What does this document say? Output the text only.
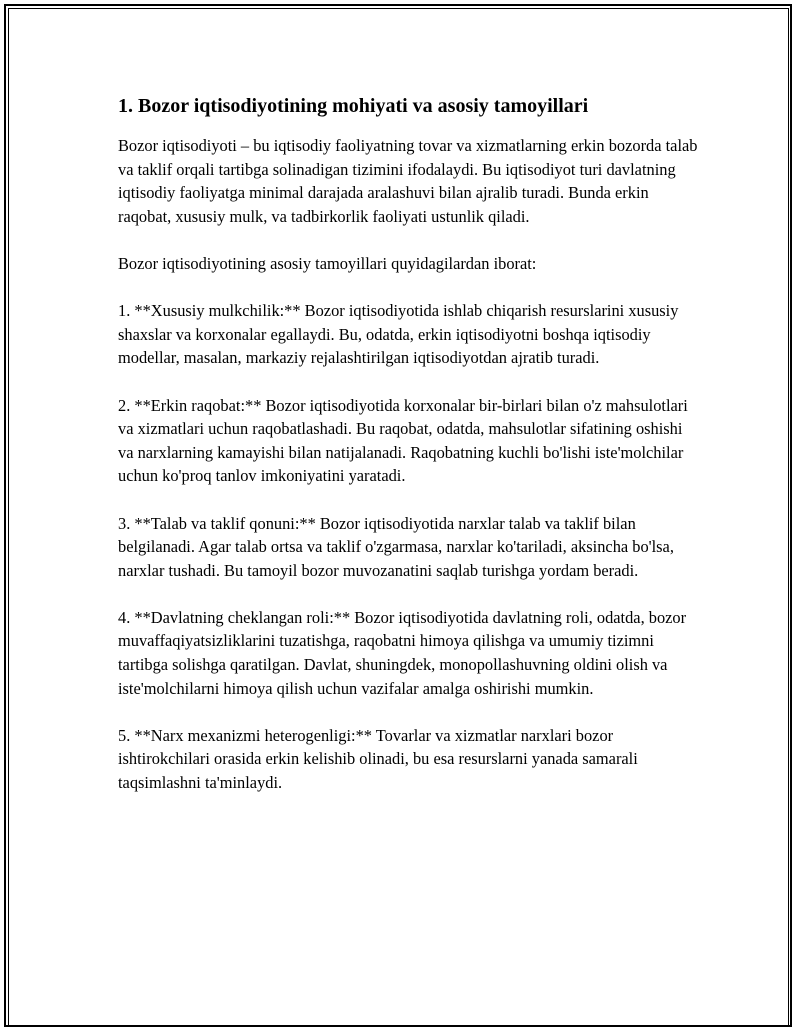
1. Bozor iqtisodiyotining mohiyati va asosiy tamoyillari

Bozor iqtisodiyoti – bu iqtisodiy faoliyatning tovar va xizmatlarning erkin bozorda talab va taklif orqali tartibga solinadigan tizimini ifodalaydi. Bu iqtisodiyot turi davlatning iqtisodiy faoliyatga minimal darajada aralashuvi bilan ajralib turadi. Bunda erkin raqobat, xususiy mulk, va tadbirkorlik faoliyati ustunlik qiladi.

Bozor iqtisodiyotining asosiy tamoyillari quyidagilardan iborat:

1. **Xususiy mulkchilik:** Bozor iqtisodiyotida ishlab chiqarish resurslarini xususiy shaxslar va korxonalar egallaydi. Bu, odatda, erkin iqtisodiyotni boshqa iqtisodiy modellar, masalan, markaziy rejalashtirilgan iqtisodiyotdan ajratib turadi.

2. **Erkin raqobat:** Bozor iqtisodiyotida korxonalar bir-birlari bilan o'z mahsulotlari va xizmatlari uchun raqobatlashadi. Bu raqobat, odatda, mahsulotlar sifatining oshishi va narxlarning kamayishi bilan natijalanadi. Raqobatning kuchli bo'lishi iste'molchilar uchun ko'proq tanlov imkoniyatini yaratadi.

3. **Talab va taklif qonuni:** Bozor iqtisodiyotida narxlar talab va taklif bilan belgilanadi. Agar talab ortsa va taklif o'zgarmasa, narxlar ko'tariladi, aksincha bo'lsa, narxlar tushadi. Bu tamoyil bozor muvozanatini saqlab turishga yordam beradi.

4. **Davlatning cheklangan roli:** Bozor iqtisodiyotida davlatning roli, odatda, bozor muvaffaqiyatsizliklarini tuzatishga, raqobatni himoya qilishga va umumiy tizimni tartibga solishga qaratilgan. Davlat, shuningdek, monopollashuvning oldini olish va iste'molchilarni himoya qilish uchun vazifalar amalga oshirishi mumkin.

5. **Narx mexanizmi heterogenligi:** Tovarlar va xizmatlar narxlari bozor ishtirokchilari orasida erkin kelishib olinadi, bu esa resurslarni yanada samarali taqsimlashni ta'minlaydi.
